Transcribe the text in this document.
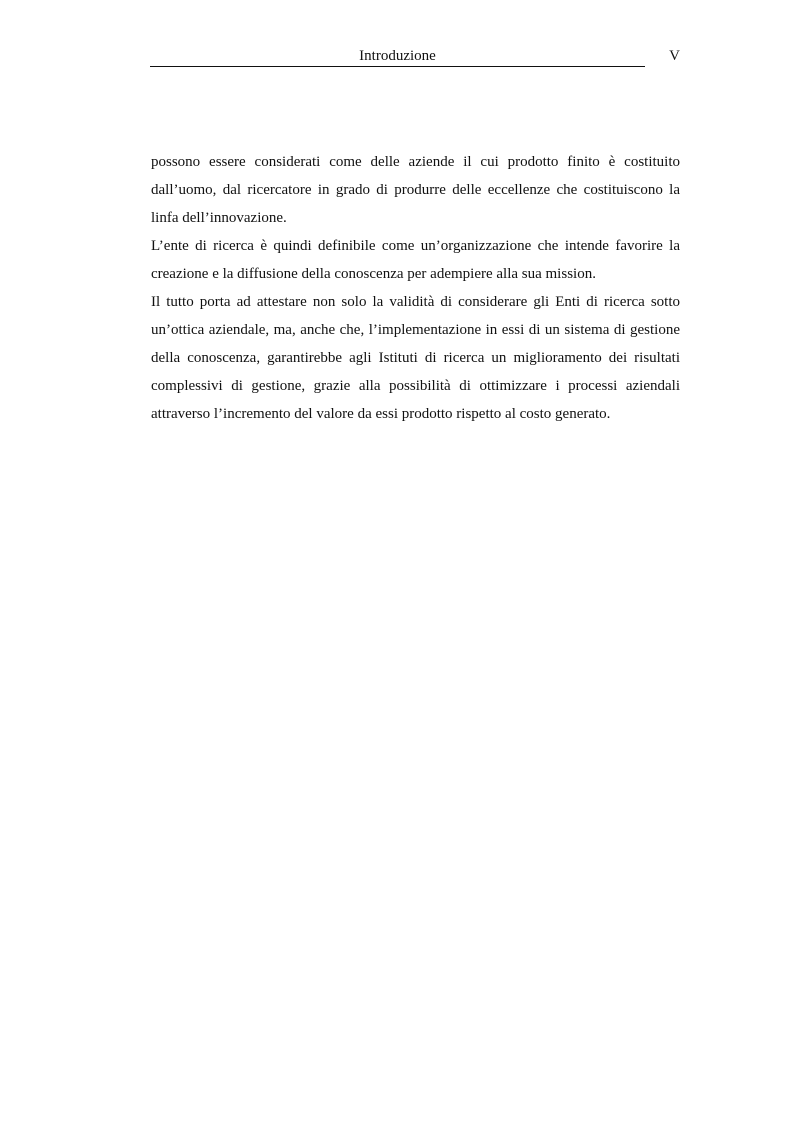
Introduzione	V

possono essere considerati come delle aziende il cui prodotto finito è costituito dall’uomo, dal ricercatore in grado di produrre delle eccellenze che costituiscono la linfa dell’innovazione.

L’ente di ricerca è quindi definibile come un’organizzazione che intende favorire la creazione e la diffusione della conoscenza per adempiere alla sua mission.

Il tutto porta ad attestare non solo la validità di considerare gli Enti di ricerca sotto un’ottica aziendale, ma, anche che, l’implementazione in essi di un sistema di gestione della conoscenza, garantirebbe agli Istituti di ricerca un miglioramento dei risultati complessivi di gestione, grazie alla possibilità di ottimizzare i processi aziendali attraverso l’incremento del valore da essi prodotto rispetto al costo generato.
